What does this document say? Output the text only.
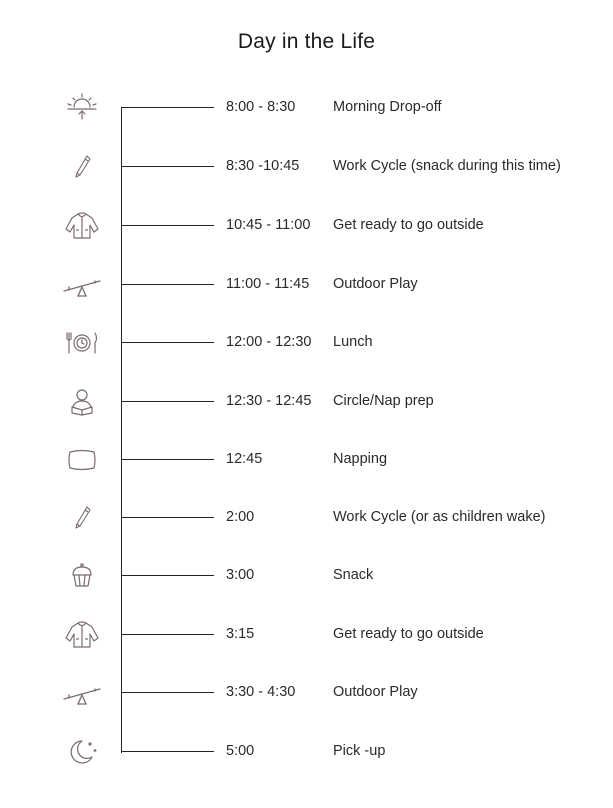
Day in the Life
8:00 - 8:30	Morning Drop-off
8:30 -10:45 Work Cycle (snack during this time)
10:45 - 11:00 Get ready to go outside
11:00 - 11:45 Outdoor Play
12:00 - 12:30 Lunch
12:30 - 12:45 Circle/Nap prep
12:45	Napping
2:00	Work Cycle (or as children wake)
3:00	Snack
3:15	Get ready to go outside
3:30 - 4:30	Outdoor Play
5:00	Pick -up
